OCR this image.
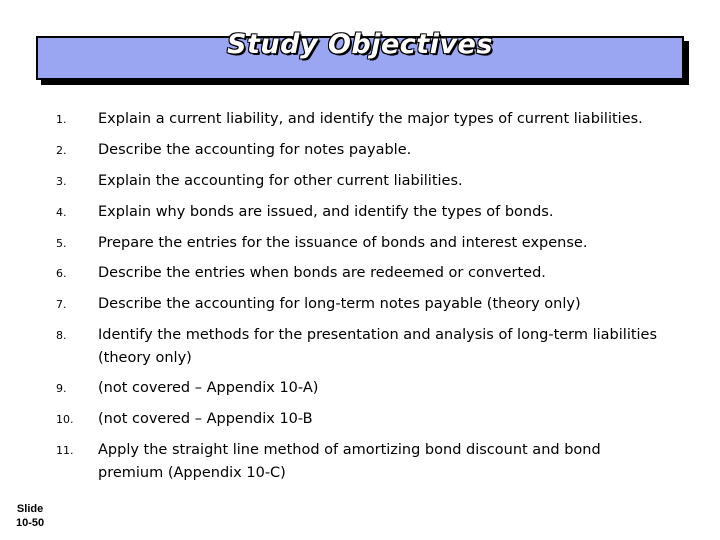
Study Objectives
1. Explain a current liability, and identify the major types of current liabilities.
2. Describe the accounting for notes payable.
3. Explain the accounting for other current liabilities.
4. Explain why bonds are issued, and identify the types of bonds.
5. Prepare the entries for the issuance of bonds and interest expense.
6. Describe the entries when bonds are redeemed or converted.
7. Describe the accounting for long-term notes payable (theory only)
8. Identify the methods for the presentation and analysis of long-term liabilities
(theory only)
9. (not covered – Appendix 10-A)
10. (not covered – Appendix 10-B
11. Apply the straight line method of amortizing bond discount and bond
premium (Appendix 10-C)
Slide
10-50
